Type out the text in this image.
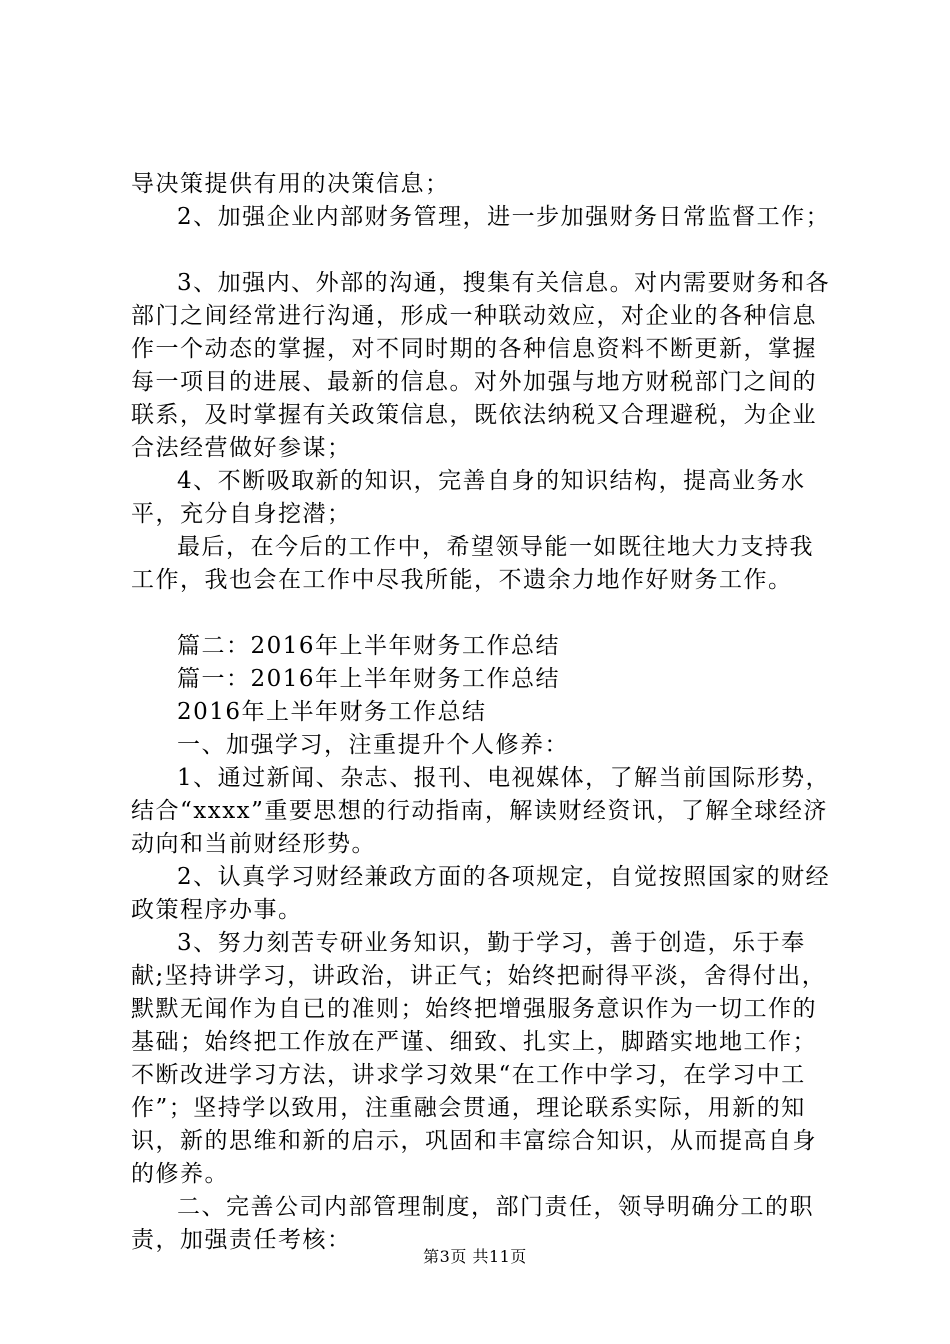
导决策提供有用的决策信息；

2、加强企业内部财务管理，进一步加强财务日常监督工作；

3、加强内、外部的沟通，搜集有关信息。对内需要财务和各部门之间经常进行沟通，形成一种联动效应，对企业的各种信息作一个动态的掌握，对不同时期的各种信息资料不断更新，掌握每一项目的进展、最新的信息。对外加强与地方财税部门之间的联系，及时掌握有关政策信息，既依法纳税又合理避税，为企业合法经营做好参谋；

4、不断吸取新的知识，完善自身的知识结构，提高业务水平，充分自身挖潜；

最后，在今后的工作中，希望领导能一如既往地大力支持我工作，我也会在工作中尽我所能，不遗余力地作好财务工作。

篇二：2016年上半年财务工作总结

篇一：2016年上半年财务工作总结

2016年上半年财务工作总结

一、加强学习，注重提升个人修养：

1、通过新闻、杂志、报刊、电视媒体，了解当前国际形势，结合“xxxx”重要思想的行动指南，解读财经资讯，了解全球经济动向和当前财经形势。

2、认真学习财经兼政方面的各项规定，自觉按照国家的财经政策程序办事。

3、努力刻苦专研业务知识，勤于学习，善于创造，乐于奉献;坚持讲学习，讲政治，讲正气；始终把耐得平淡，舍得付出，默默无闻作为自已的准则；始终把增强服务意识作为一切工作的基础；始终把工作放在严谨、细致、扎实上，脚踏实地地工作；不断改进学习方法，讲求学习效果“在工作中学习，在学习中工作”；坚持学以致用，注重融会贯通，理论联系实际，用新的知识，新的思维和新的启示，巩固和丰富综合知识，从而提高自身的修养。

二、完善公司内部管理制度，部门责任，领导明确分工的职责，加强责任考核：

第3页 共11页
